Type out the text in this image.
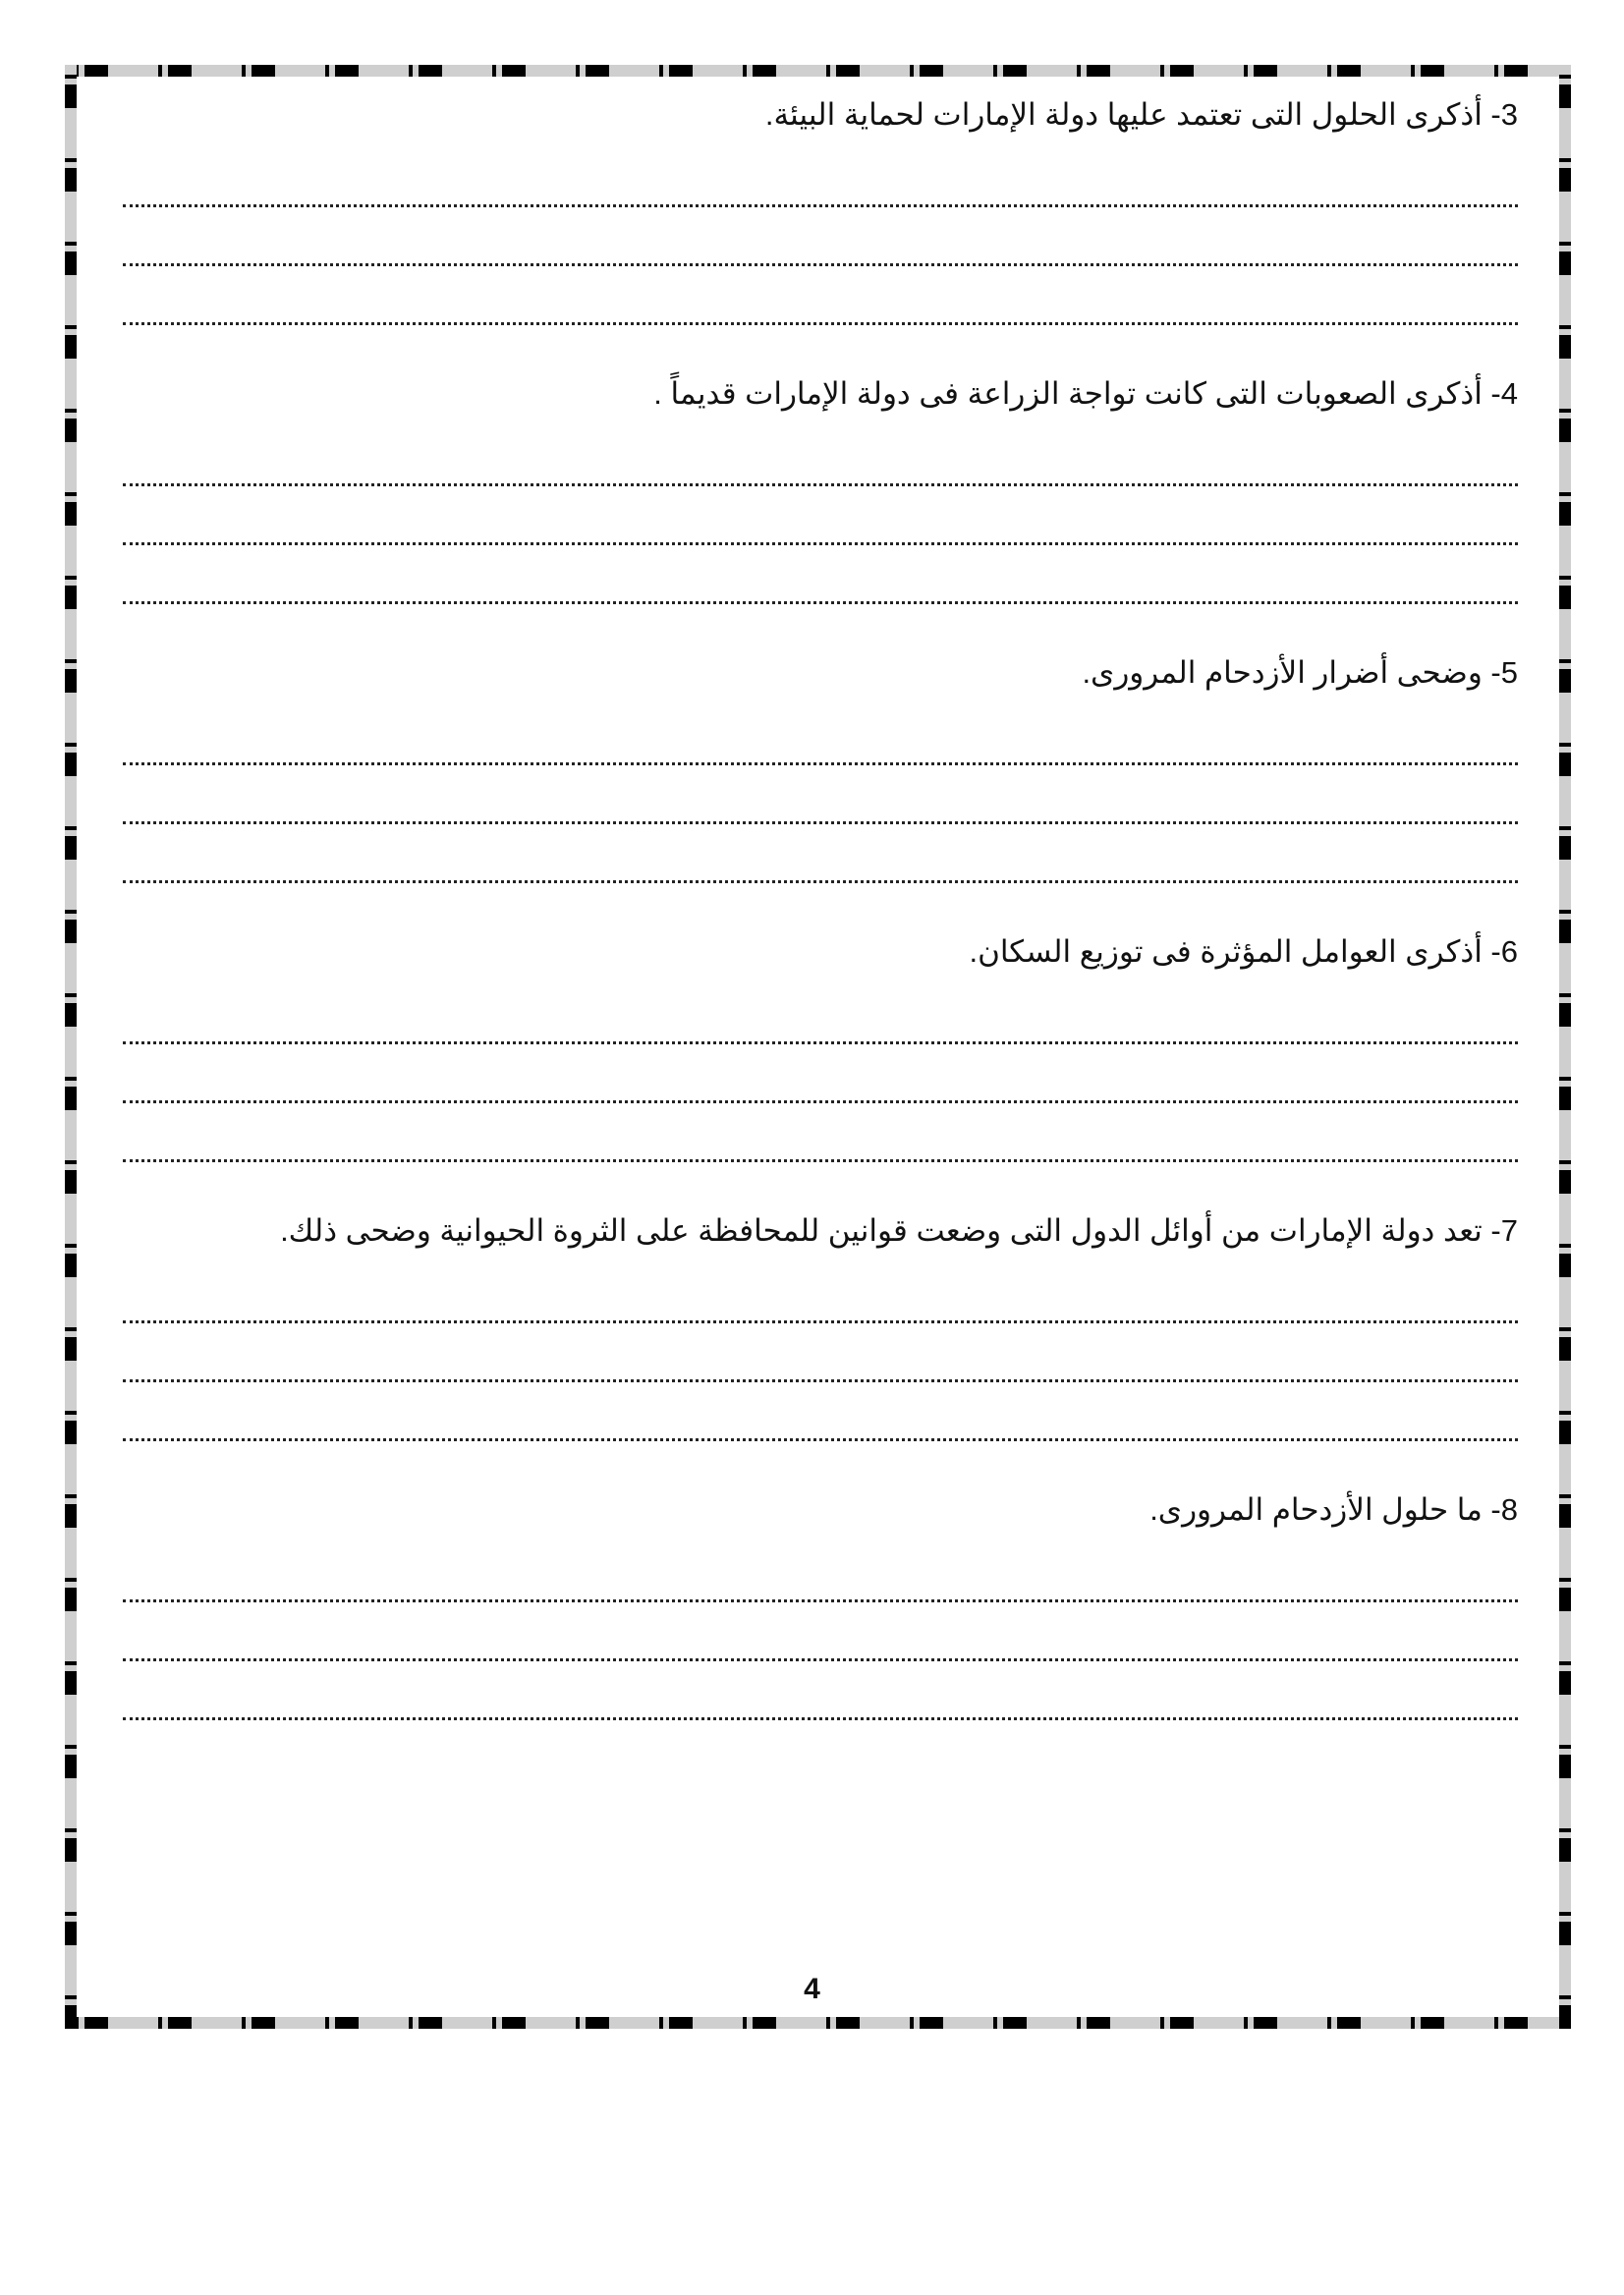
3- أذكرى الحلول التى تعتمد عليها دولة الإمارات لحماية البيئة.
4- أذكرى الصعوبات التى كانت تواجة الزراعة فى دولة الإمارات قديماً .
5- وضحى أضرار الأزدحام المرورى.
6- أذكرى العوامل المؤثرة فى توزيع السكان.
7- تعد دولة الإمارات من أوائل الدول التى وضعت قوانين للمحافظة على الثروة الحيوانية وضحى ذلك.
8- ما حلول الأزدحام المرورى.
4
